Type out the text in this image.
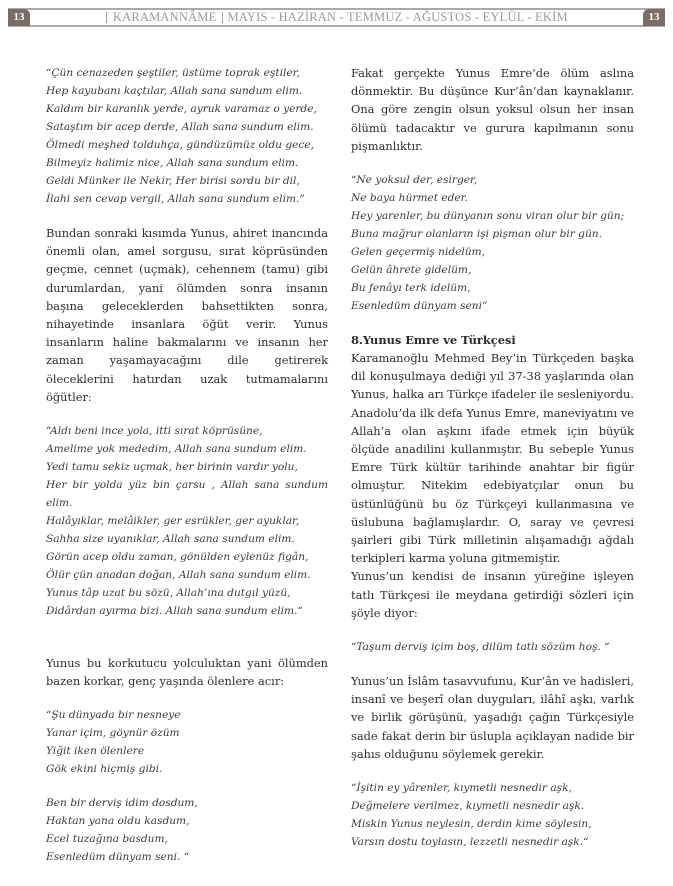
13	[ KARAMANNÂME ] MAYIS - HAZİRAN - TEMMUZ - AĞUSTOS - EYLÜL - EKİM	13
“Çün cenazeden şeştiler, üstüme toprak eştiler,
Hep kayubanı kaçtılar, Allah sana sundum elim.
Kaldım bir karanlık yerde, ayruk varamaz o yerde,
Sataştım bir acep derde, Allah sana sundum elim.
Ölmedi meşhed tolduhça, gündüzümüz oldu gece,
Bilmeyiz halimiz nice, Allah sana sundum elim.
Geldi Münker ile Nekir, Her birisi sordu bir dil,
İlahi sen cevap vergil, Allah sana sundum elim.”

Bundan sonraki kısımda Yunus, ahiret inancında önemli olan, amel sorgusu, sırat köprüsünden geçme, cennet (uçmak), cehennem (tamu) gibi durumlardan, yani ölümden sonra insanın başına geleceklerden bahsettikten sonra, nihayetinde insanlara öğüt verir. Yunus insanların haline bakmalarını ve insanın her zaman yaşamayacağını dile getirerek öleceklerini hatırdan uzak tutmamalarını öğütler:

“Aldı beni ince yola, itti sırat köprüsüne,
Amelime yok mededim, Allah sana sundum elim.
Yedi tamu sekiz uçmak, her birinin vardır yolu,
Her bir yolda yüz bin çarsu , Allah sana sundum elim.
Halâyıklar, melâikler, ger esrükler, ger ayuklar,
Sahha size uyanıklar, Allah sana sundum elim.
Görün acep oldu zaman, gönülden eylenüz figân,
Ölür çün anadan doğan, Allah sana sundum elim.
Yunus tâp uzat bu sözü, Allah’ına dutgıl yüzü,
Didârdan ayırma bizi. Allah sana sundum elim.“

Yunus bu korkutucu yolculuktan yani ölümden bazen korkar, genç yaşında ölenlere acır:

“Şu dünyada bir nesneye
Yanar içim, göynür özüm
Yiğit iken ölenlere
Gök ekini hiçmiş gibi.
Ben bir derviş idim dosdum,
Haktan yana oldu kasdum,
Ecel tuzağına basdum,
Esenledüm dünyam seni. “

Fakat gerçekte Yunus Emre’de ölüm aslına dönmektir. Bu düşünce Kur’ân’dan kaynaklanır. Ona göre zengin olsun yoksul olsun her insan ölümü tadacaktır ve gurura kapılmanın sonu pişmanlıktır.

“Ne yoksul der, esirger,
Ne baya hürmet eder.
Hey yarenler, bu dünyanın sonu viran olur bir gün;
Buna mağrur olanların işi pişman olur bir gün.
Gelen geçermiş nidelüm,
Gelün âhrete gidelüm,
Bu fenâyı terk idelüm,
Esenledüm dünyam seni”
8.Yunus Emre ve Türkçesi

Karamanoğlu Mehmed Bey’in Türkçeden başka dil konuşulmaya dediği yıl 37-38 yaşlarında olan Yunus, halka arı Türkçe ifadeler ile sesleniyordu. Anadolu’da ilk defa Yunus Emre, maneviyatını ve Allah’a olan aşkını ifade etmek için büyük ölçüde anadilini kullanmıştır. Bu sebeple Yunus Emre Türk kültür tarihinde anahtar bir figür olmuştur. Nitekim edebiyatçılar onun bu üstünlüğünü bu öz Türkçeyi kullanmasına ve üslubuna bağlamışlardır. O, saray ve çevresi şairleri gibi Türk milletinin alışamadığı ağdalı terkipleri karma yoluna gitmemiştir.

Yunus’un kendisi de insanın yüreğine işleyen tatlı Türkçesi ile meydana getirdiği sözleri için şöyle diyor:

“Taşum derviş içim boş, dilüm tatlı sözüm hoş. “

Yunus’un İslâm tasavvufunu, Kur’ân ve hadisleri, insanî ve beşerî olan duyguları, ilâhî aşkı, varlık ve birlik görüşünü, yaşadığı çağın Türkçesiyle sade fakat derin bir üslupla açıklayan nadide bir şahıs olduğunu söylemek gerekir.

“İşitin ey yârenler, kıymetli nesnedir aşk,
Değmelere verilmez, kıymetli nesnedir aşk.
Miskin Yunus neylesin, derdin kime söylesin,
Varsın dostu toylasın, lezzetli nesnedir aşk.“
